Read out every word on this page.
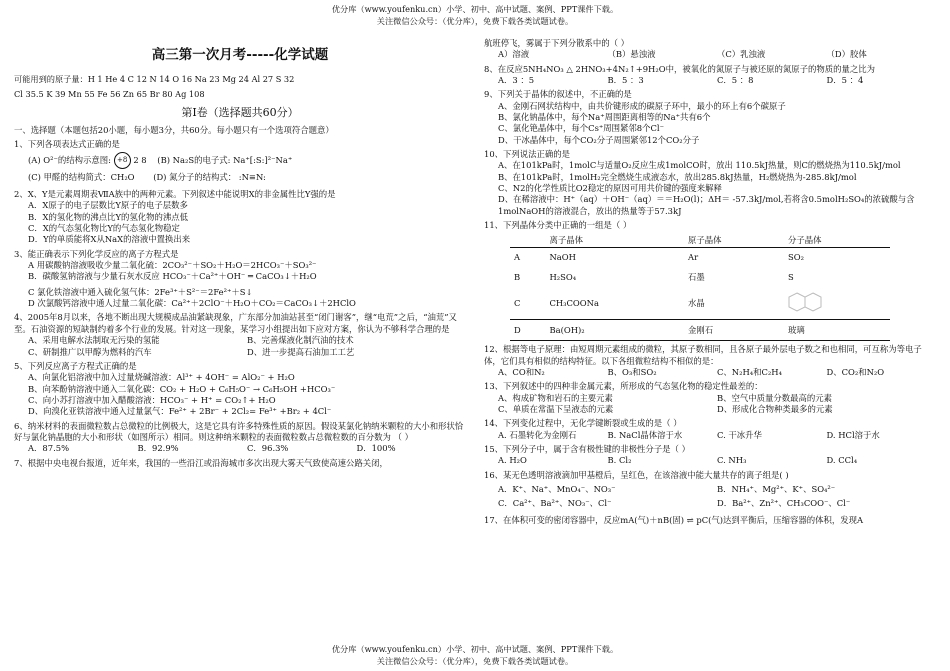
优分库（www.youfenku.cn）小学、初中、高中试题、案例、PPT课件下载。
关注微信公众号：（优分库），免费下载各类试题试卷。
高三第一次月考-----化学试题

可能用到的原子量：H 1 He 4 C 12 N 14 O 16 Na 23 Mg 24 Al 27 S 32

Cl 35.5 K 39 Mn 55 Fe 56 Zn 65 Br 80 Ag 108

第Ⅰ卷（选择题共60分）

一、选择题（本题包括20小题，每小题3分，共60分。每小题只有一个选项符合题意）

1、下列各项表达式正确的是

(A) O²⁻的结构示意图: +8 2 8 (B) Na₂S的电子式: Na⁺[:S:]²⁻Na⁺
(C) 甲醛的结构简式：CH₂O (D) 氮分子的结构式： :N≡N:

2、X、Y是元素周期表ⅦA族中的两种元素。下列叙述中能说明X的非金属性比Y强的是

A．X原子的电子层数比Y原子的电子层数多

B．X的氢化物的沸点比Y的氢化物的沸点低

C．X的气态氢化物比Y的气态氢化物稳定

D．Y的单质能将X从NaX的溶液中置换出来

3、能正确表示下列化学反应的离子方程式是

A 用碳酸钠溶液吸收少量二氧化硫：2CO₃²⁻＋SO₂＋H₂O＝2HCO₃⁻＋SO₃²⁻

B．碳酸氢钠溶液与少量石灰水反应 HCO₃⁻＋Ca²⁺＋OH⁻ ═ CaCO₃↓＋H₂O

C 氯化铁溶液中通入硫化氢气体：2Fe³⁺＋S²⁻＝2Fe²⁺＋S↓

D 次氯酸钙溶液中通人过量二氧化碳：Ca²⁺＋2ClO⁻＋H₂O＋CO₂＝CaCO₃↓＋2HClO

4、2005年8月以来，各地不断出现大规模成品油紧缺现象，广东部分加油站甚至“闭门谢客”，继“电荒”之后，“油荒”又至。石油资源的短缺制约着多个行业的发展。针对这一现象，某学习小组提出如下应对方案，你认为不够科学合理的是

A、采用电解水法制取无污染的氢能	B、完善煤液化制汽油的技术
C、研制推广以甲醇为燃料的汽车	D、进一步提高石油加工工艺

5、下列反应离子方程式正确的是

A、向氯化铝溶液中加入过量烧碱溶液：Al³⁺ + 4OH⁻ = AlO₂⁻ + H₂O

B、向苯酚钠溶液中通入二氧化碳：CO₂ + H₂O + C₆H₅O⁻ → C₆H₅OH +HCO₃⁻

C、向小苏打溶液中加入醋酸溶液：HCO₃⁻ + H⁺ = CO₂↑+ H₂O

D、向溴化亚铁溶液中通入过量氯气：Fe²⁺ + 2Br⁻ + 2Cl₂= Fe³⁺ +Br₂ + 4Cl⁻

6、纳米材料的表面微粒数占总微粒的比例极大，这是它具有许多特殊性质的原因。假设某氯化钠纳米颗粒的大小和形状恰好与氯化钠晶胞的大小和形状（如图所示）相同。则这种纳米颗粒的表面微粒数占总微粒数的百分数为 （ ）

A．87.5%	B．92.9%	C．96.3%	D．100%

7、根据中央电视台报道，近年来，我国的一些沿江或沿海城市多次出现大雾天气致使高速公路关闭，

航班停飞，雾属于下列分散系中的（ ）

A）溶液	（B）悬浊液	（C）乳浊液	（D）胶体

8、在反应5NH₄NO₃ △ 2HNO₃+4N₂↑+9H₂O中，被氧化的氮原子与被还原的氮原子的物质的量之比为

A．3 ：5	B．5 ：3	C．5 ：8	D．5 ：4

9、下列关于晶体的叙述中，不正确的是

A、金刚石网状结构中，由共价键形成的碳原子环中，最小的环上有6个碳原子

B、氯化钠晶体中，每个Na⁺周围距离相等的Na⁺共有6个

C、氯化铯晶体中，每个Cs⁺周围紧邻8个Cl⁻

D、干冰晶体中，每个CO₂分子周围紧邻12个CO₂分子

10、下列说法正确的是

A、在101kPa时，1molC与适量O₂反应生成1molCO时，放出 110.5kJ热量，则C的燃烧热为110.5kJ/mol

B、在101kPa时，1molH₂完全燃烧生成液态水，放出285.8kJ热量，H₂燃烧热为-285.8kJ/mol

C、N2的化学性质比O2稳定的原因可用共价键的强度来解释

D、在稀溶液中：H⁺（aq）＋OH⁻（aq）＝＝H₂O(l)；ΔH＝ -57.3kJ/mol,若将含0.5molH₂SO₄的浓硫酸与含1molNaOH的溶液混合，放出的热量等于57.3kJ

11、下列晶体分类中正确的一组是（ ）

	离子晶体	原子晶体	分子晶体
A	NaOH	Ar	SO₂
B	H₂SO₄	石墨	S
C	CH₃COONa	水晶	
D	Ba(OH)₂	金刚石	玻璃

12、根据等电子原理：由短周期元素组成的微粒，其原子数相同，且各原子最外层电子数之和也相同，可互称为等电子体，它们具有相似的结构特征。以下各组微粒结构不相似的是：

A、CO和N₂	B、O₃和SO₂	C、N₂H₄和C₂H₄	D、CO₂和N₂O

13、下列叙述中的四种非金属元素，所形成的气态氢化物的稳定性最差的：

A、构成矿物和岩石的主要元素	B、空气中质量分数最高的元素
C、单质在常温下呈液态的元素	D、形成化合物种类最多的元素

14、下列变化过程中，无化学键断裂或生成的是（ ）

A. 石墨转化为金刚石	B. NaCl晶体溶于水	C. 干冰升华	D. HCl溶于水

15、下列分子中，属于含有极性键的非极性分子是（ ）

A. H₂O	B. Cl₂	C. NH₃	D. CCl₄

16、某无色透明溶液滴加甲基橙后，呈红色，在该溶液中能大量共存的离子组是( )

A．K⁺、Na⁺、MnO₄⁻、NO₃⁻	B．NH₄⁺、Mg²⁺、K⁺、SO₄²⁻
C．Ca²⁺、Ba²⁺、NO₃⁻、Cl⁻	D．Ba²⁺、Zn²⁺、CH₃COO⁻、Cl⁻

17、在体积可变的密闭容器中，反应mA(气)＋nB(固) ⇌ pC(气)达到平衡后，压缩容器的体积，发现A

优分库（www.youfenku.cn）小学、初中、高中试题、案例、PPT课件下载。
关注微信公众号：（优分库），免费下载各类试题试卷。
